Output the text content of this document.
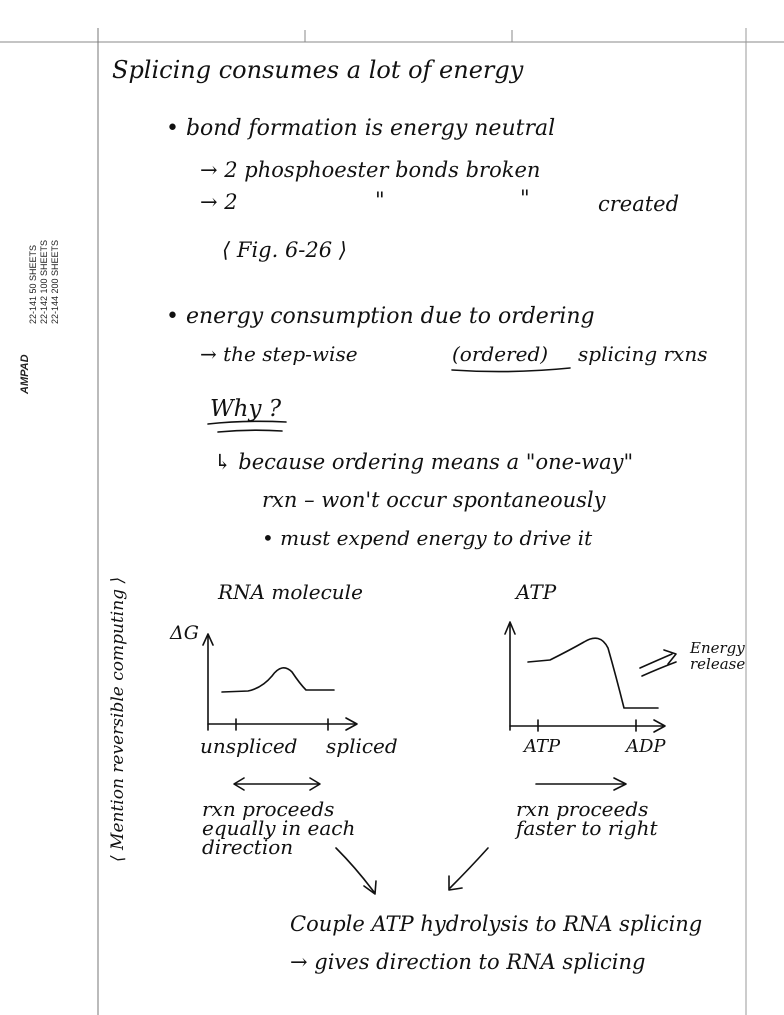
AMPAD
22-141 50 SHEETS 22-142 100 SHEETS 22-144 200 SHEETS
⟨ Mention reversible computing ⟩
Splicing consumes a lot of energy
• bond formation is energy neutral
→ 2 phosphoester bonds broken
→ 2	"	"	created
⟨ Fig. 6-26 ⟩
• energy consumption due to ordering
→ the step-wise	(ordered) splicing rxns
Why ?
↳ because ordering means a "one-way"
rxn – won't occur spontaneously
• must expend energy to drive it
RNA molecule
ΔG
unspliced spliced
rxn proceeds
equally in each
direction
ATP
ATP	ADP
Energy
release
rxn proceeds
faster to right
Couple ATP hydrolysis to RNA splicing
→ gives direction to RNA splicing
